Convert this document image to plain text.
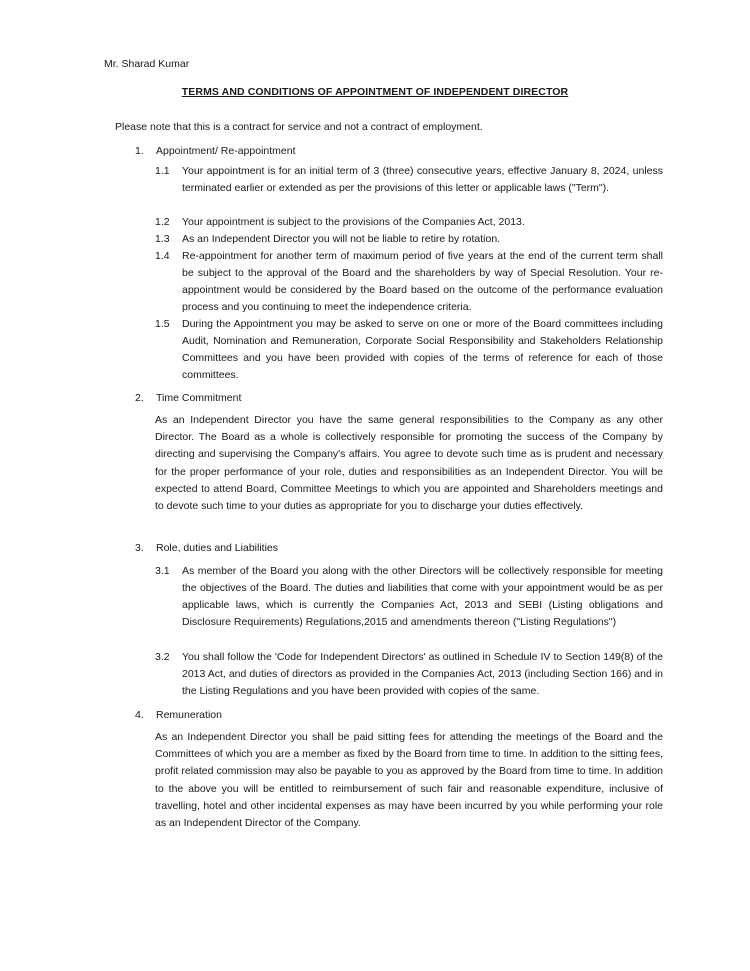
Mr. Sharad Kumar
TERMS AND CONDITIONS OF APPOINTMENT OF INDEPENDENT DIRECTOR
Please note that this is a contract for service and not a contract of employment.
1. Appointment/ Re-appointment
1.1 Your appointment is for an initial term of 3 (three) consecutive years, effective January 8, 2024, unless terminated earlier or extended as per the provisions of this letter or applicable laws ("Term").
1.2 Your appointment is subject to the provisions of the Companies Act, 2013.
1.3 As an Independent Director you will not be liable to retire by rotation.
1.4 Re-appointment for another term of maximum period of five years at the end of the current term shall be subject to the approval of the Board and the shareholders by way of Special Resolution. Your re-appointment would be considered by the Board based on the outcome of the performance evaluation process and you continuing to meet the independence criteria.
1.5 During the Appointment you may be asked to serve on one or more of the Board committees including Audit, Nomination and Remuneration, Corporate Social Responsibility and Stakeholders Relationship Committees and you have been provided with copies of the terms of reference for each of those committees.
2. Time Commitment
As an Independent Director you have the same general responsibilities to the Company as any other Director. The Board as a whole is collectively responsible for promoting the success of the Company by directing and supervising the Company's affairs. You agree to devote such time as is prudent and necessary for the proper performance of your role, duties and responsibilities as an Independent Director. You will be expected to attend Board, Committee Meetings to which you are appointed and Shareholders meetings and to devote such time to your duties as appropriate for you to discharge your duties effectively.
3. Role, duties and Liabilities
3.1 As member of the Board you along with the other Directors will be collectively responsible for meeting the objectives of the Board. The duties and liabilities that come with your appointment would be as per applicable laws, which is currently the Companies Act, 2013 and SEBI (Listing obligations and Disclosure Requirements) Regulations,2015 and amendments thereon ("Listing Regulations")
3.2 You shall follow the 'Code for Independent Directors' as outlined in Schedule IV to Section 149(8) of the 2013 Act, and duties of directors as provided in the Companies Act, 2013 (including Section 166) and in the Listing Regulations and you have been provided with copies of the same.
4. Remuneration
As an Independent Director you shall be paid sitting fees for attending the meetings of the Board and the Committees of which you are a member as fixed by the Board from time to time. In addition to the sitting fees, profit related commission may also be payable to you as approved by the Board from time to time. In addition to the above you will be entitled to reimbursement of such fair and reasonable expenditure, inclusive of travelling, hotel and other incidental expenses as may have been incurred by you while performing your role as an Independent Director of the Company.
